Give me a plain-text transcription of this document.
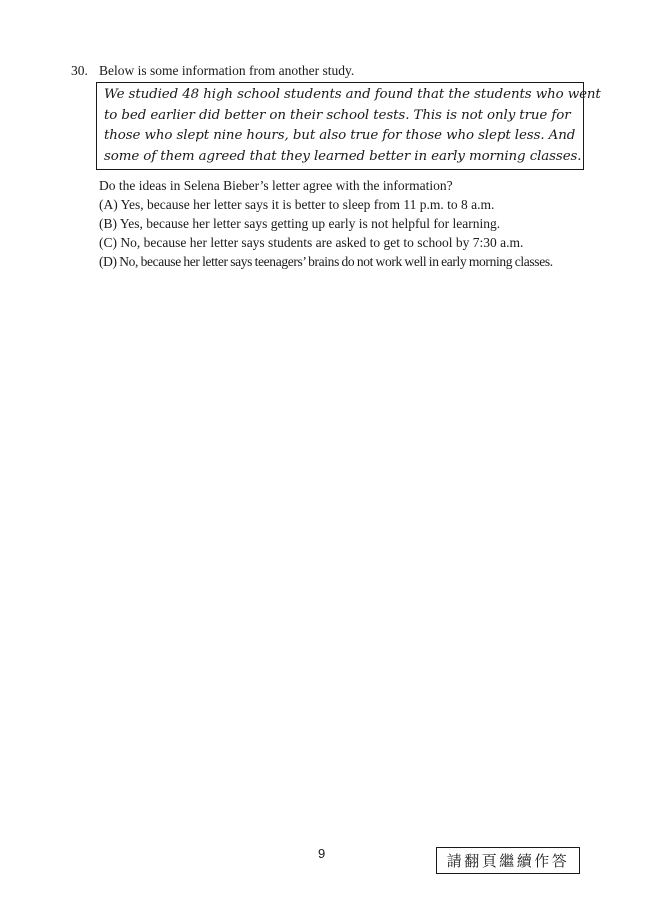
30. Below is some information from another study.
We studied 48 high school students and found that the students who went
to bed earlier did better on their school tests. This is not only true for
those who slept nine hours, but also true for those who slept less. And
some of them agreed that they learned better in early morning classes.
Do the ideas in Selena Bieber’s letter agree with the information?
(A) Yes, because her letter says it is better to sleep from 11 p.m. to 8 a.m.
(B) Yes, because her letter says getting up early is not helpful for learning.
(C) No, because her letter says students are asked to get to school by 7:30 a.m.
(D) No, because her letter says teenagers’ brains do not work well in early morning classes.
9	請翻頁繼續作答
